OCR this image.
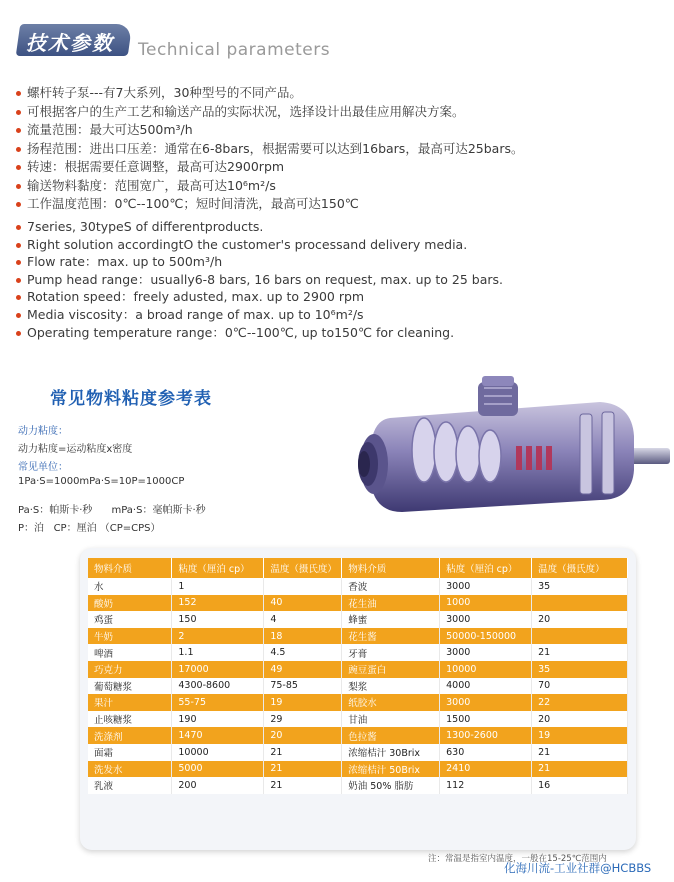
技术参数 Technical parameters
螺杆转子泵---有7大系列，30种型号的不同产品。
可根据客户的生产工艺和输送产品的实际状况，选择设计出最佳应用解决方案。
流量范围：最大可达500m³/h
扬程范围：进出口压差：通常在6-8bars，根据需要可以达到16bars，最高可达25bars。
转速：根据需要任意调整，最高可达2900rpm
输送物料黏度：范围宽广，最高可达10⁶m²/s
工作温度范围：0℃--100℃；短时间清洗，最高可达150℃
7series, 30typeS of differentproducts.
Right solution accordingtO the customer's processand delivery media.
Flow rate：max. up to 500m³/h
Pump head range：usually6-8 bars, 16 bars on request, max. up to 25 bars.
Rotation speed：freely adusted, max. up to 2900 rpm
Media viscosity：a broad range of max. up to 10⁶m²/s
Operating temperature range：0℃--100℃, up to150℃ for cleaning.
常见物料粘度参考表
动力粘度：
动力粘度=运动粘度x密度
常见单位：
1Pa·S=1000mPa·S=10P=1000CP
Pa·S：帕斯卡·秒      mPa·S：毫帕斯卡·秒
P：泊   CP：厘泊 （CP=CPS）
物料介质	粘度（厘泊 cp）	温度（摄氏度）	物料介质	粘度（厘泊 cp）	温度（摄氏度）
水	1		香波	3000	35
酸奶	152	40	花生油	1000	
鸡蛋	150	4	蜂蜜	3000	20
牛奶	2	18	花生酱	50000-150000	
啤酒	1.1	4.5	牙膏	3000	21
巧克力	17000	49	豌豆蛋白	10000	35
葡萄糖浆	4300-8600	75-85	梨浆	4000	70
果汁	55-75	19	纸胶水	3000	22
止咳糖浆	190	29	甘油	1500	20
洗涤剂	1470	20	色拉酱	1300-2600	19
面霜	10000	21	浓缩桔汁 30Brix	630	21
洗发水	5000	21	浓缩桔汁 50Brix	2410	21
乳液	200	21	奶油 50% 脂肪	112	16
注：常温是指室内温度，一般在15-25℃范围内
化海川流-工业社群@HCBBS
